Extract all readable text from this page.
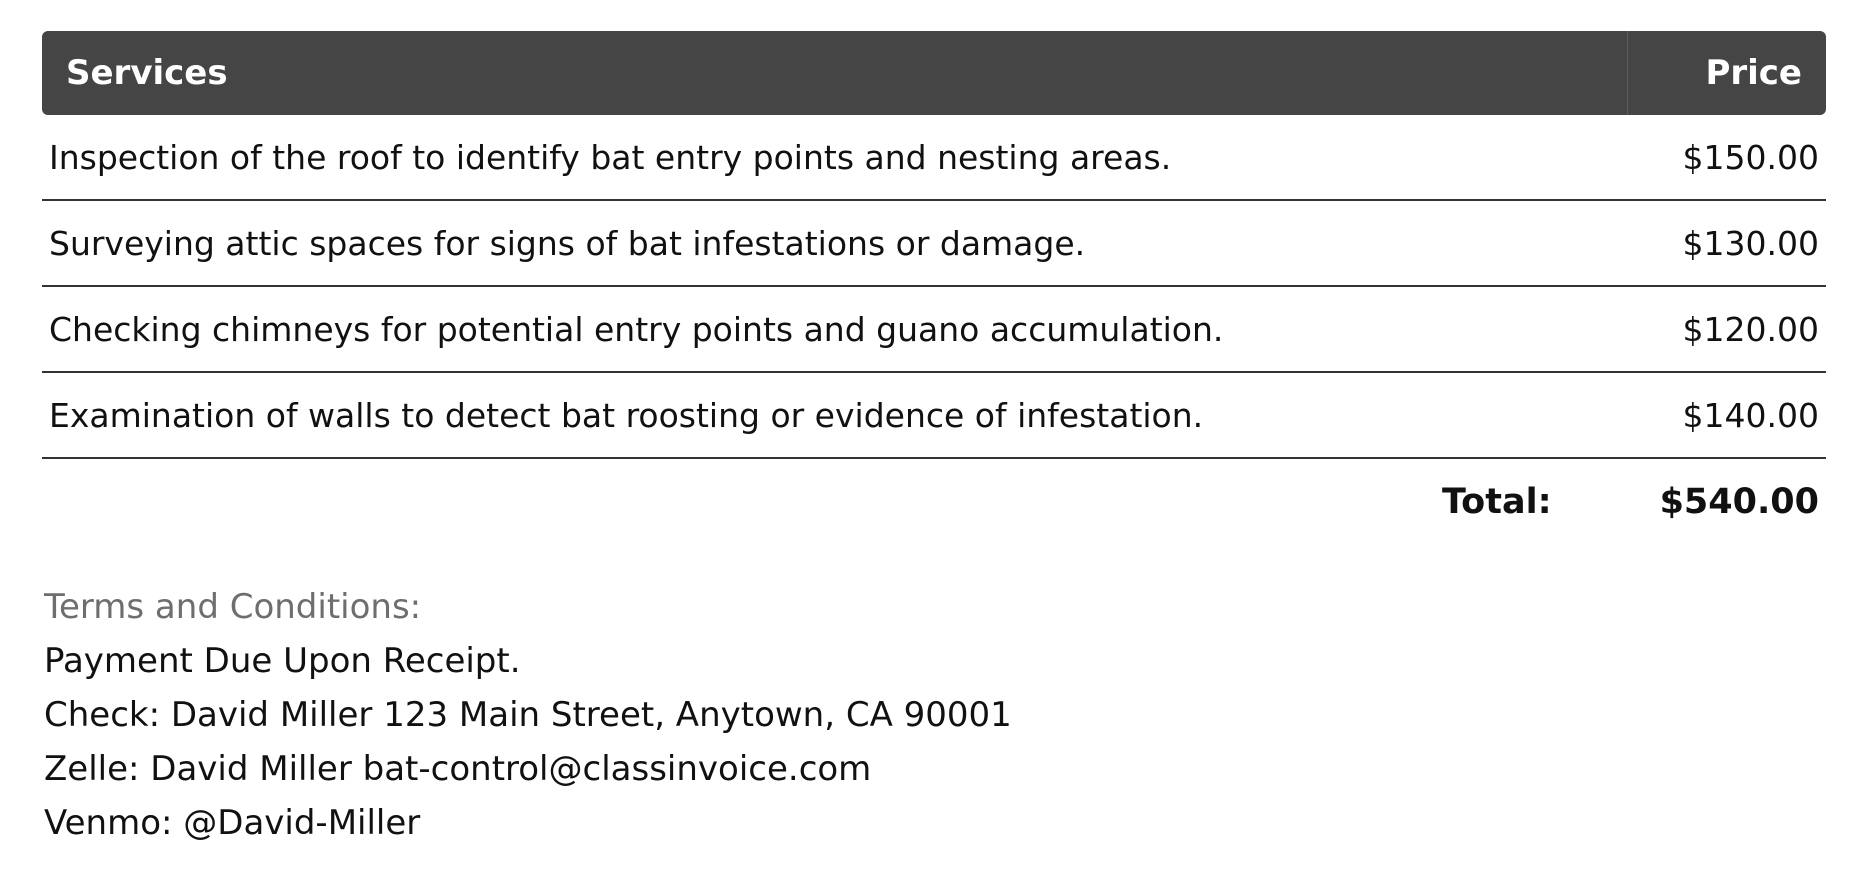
Services	Price
Inspection of the roof to identify bat entry points and nesting areas.	$150.00
Surveying attic spaces for signs of bat infestations or damage.	$130.00
Checking chimneys for potential entry points and guano accumulation.	$120.00
Examination of walls to detect bat roosting or evidence of infestation.	$140.00
Total:	$540.00
Terms and Conditions:
Payment Due Upon Receipt.
Check: David Miller 123 Main Street, Anytown, CA 90001
Zelle: David Miller bat-control@classinvoice.com
Venmo: @David-Miller
